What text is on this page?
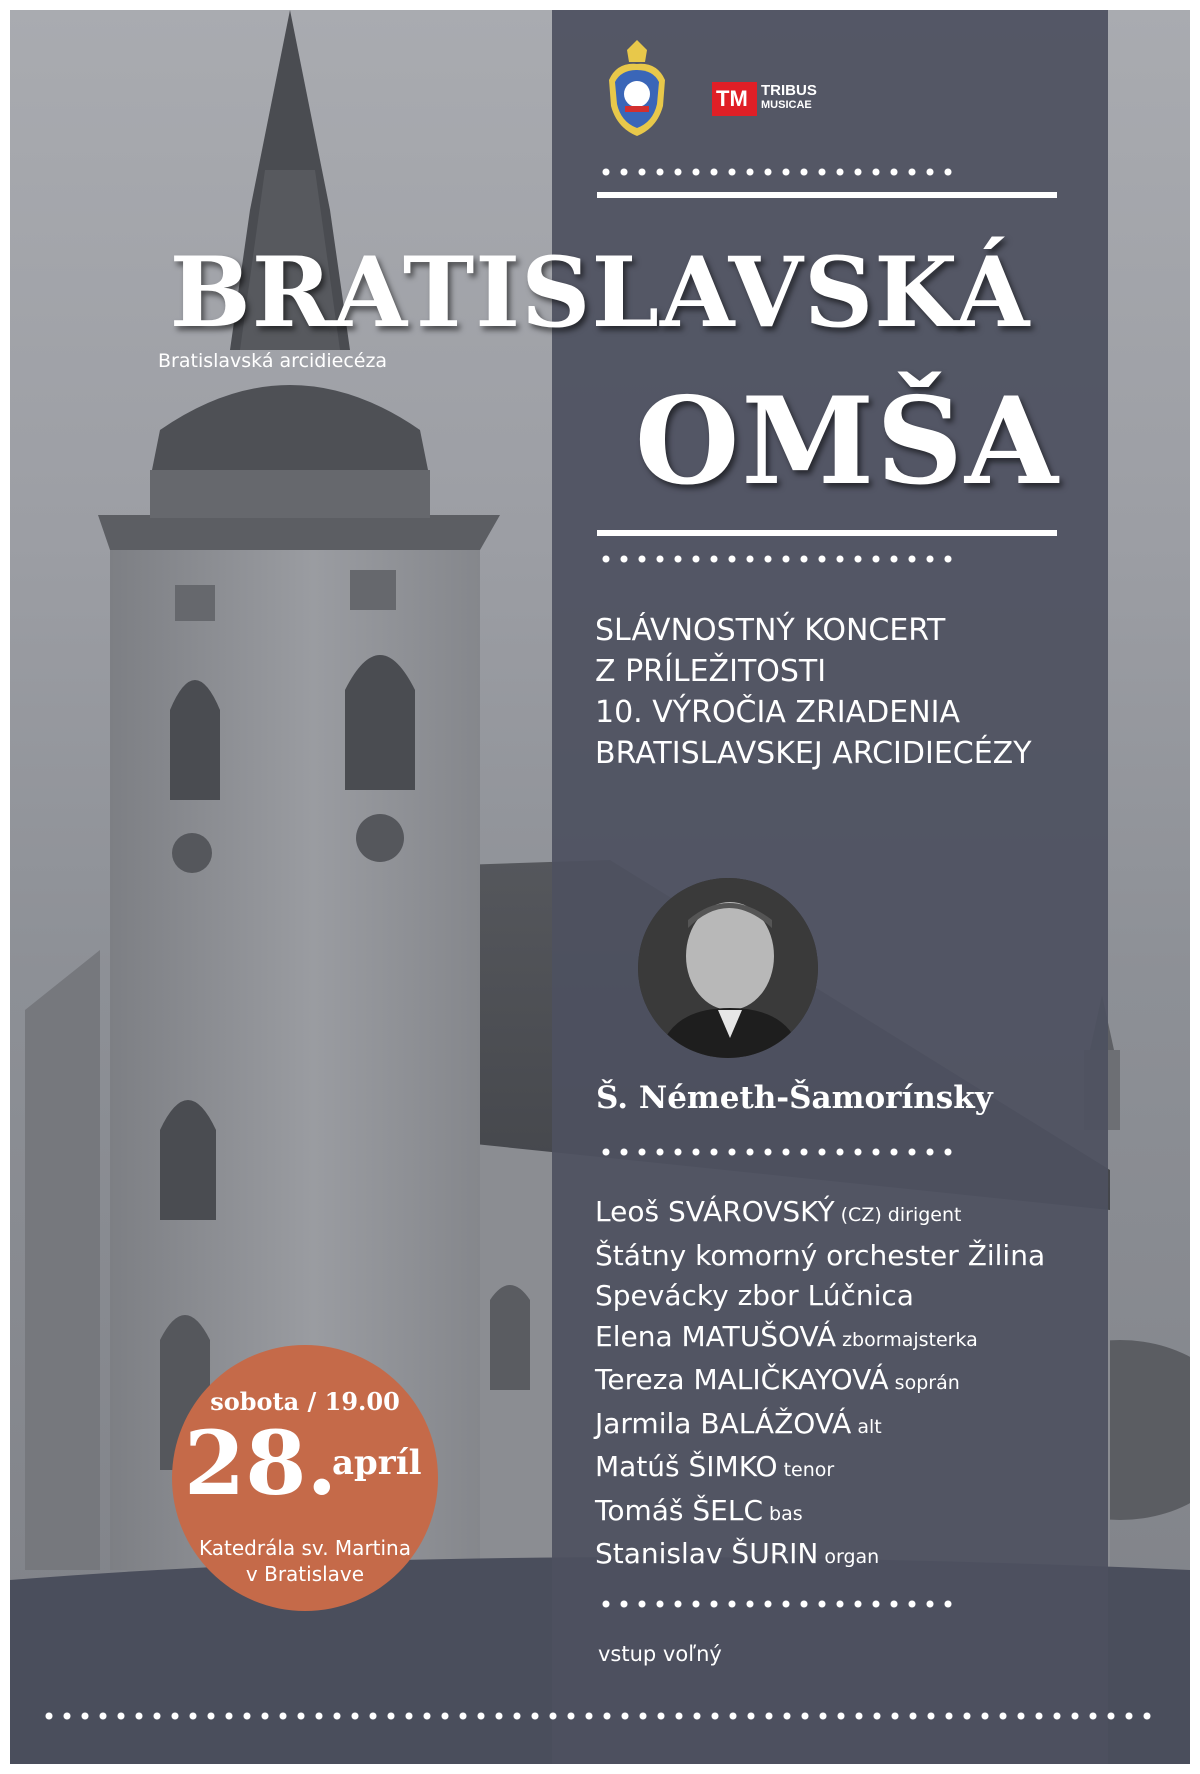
TM TRIBUS
MUSICAE
BRATISLAVSKÁ
Bratislavská arcidiecéza
OMŠA
SLÁVNOSTNÝ KONCERT
Z PRÍLEŽITOSTI
10. VÝROČIA ZRIADENIA
BRATISLAVSKEJ ARCIDIECÉZY
Š. Németh-Šamorínsky
Leoš SVÁROVSKÝ (CZ) dirigent
Štátny komorný orchester Žilina
Spevácky zbor Lúčnica
Elena MATUŠOVÁ zbormajsterka
Tereza MALIČKAYOVÁ soprán
Jarmila BALÁŽOVÁ alt
Matúš ŠIMKO tenor
Tomáš ŠELC bas
Stanislav ŠURIN organ
vstup voľný
sobota / 19.00
28.
apríl
Katedrála sv. Martina
v Bratislave
